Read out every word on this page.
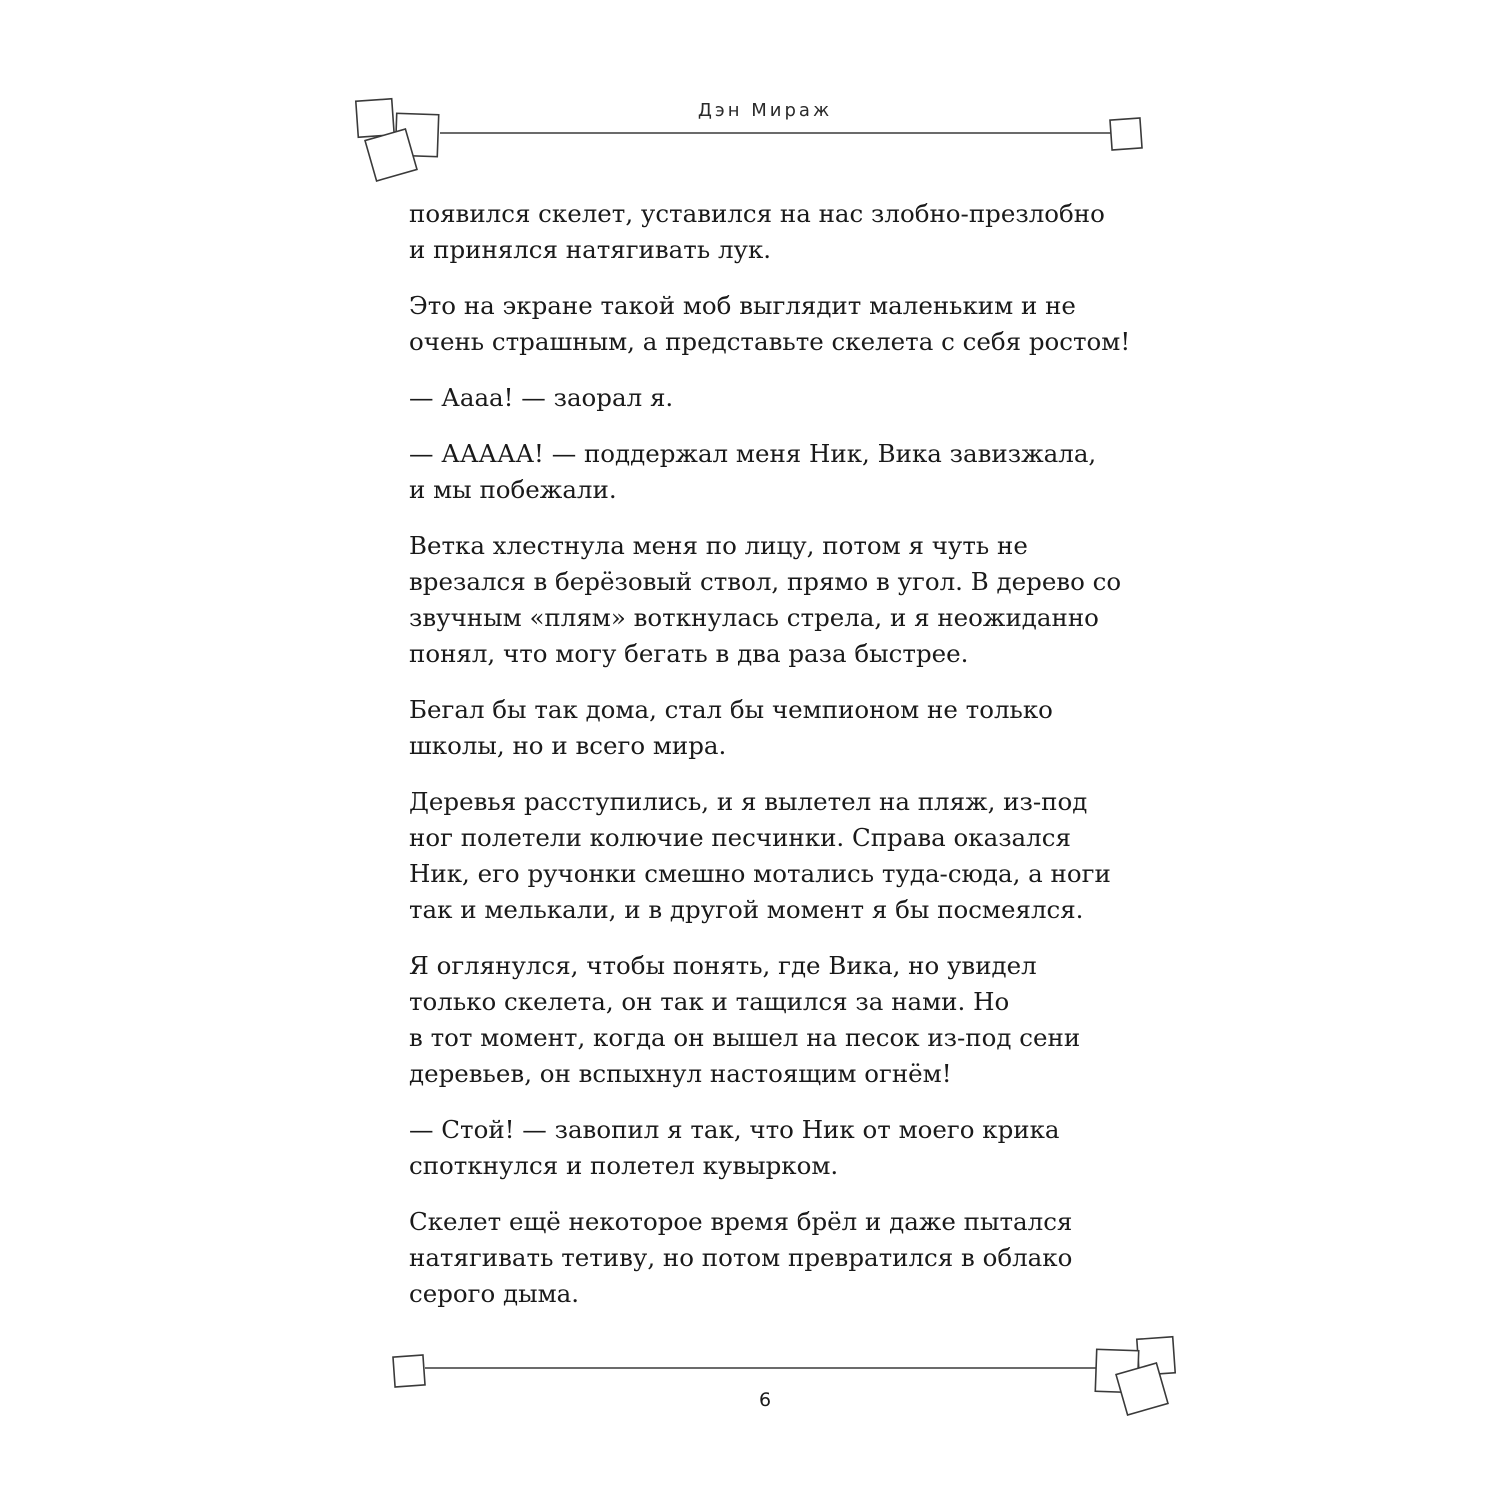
Дэн Мираж

появился скелет, уставился на нас злобно-презлобно
и принялся натягивать лук.

Это на экране такой моб выглядит маленьким и не
очень страшным, а представьте скелета с себя ростом!

— Аааа! — заорал я.

— ААААА! — поддержал меня Ник, Вика завизжала,
и мы побежали.

Ветка хлестнула меня по лицу, потом я чуть не
врезался в берёзовый ствол, прямо в угол. В дерево со
звучным «плям» воткнулась стрела, и я неожиданно
понял, что могу бегать в два раза быстрее.

Бегал бы так дома, стал бы чемпионом не только
школы, но и всего мира.

Деревья расступились, и я вылетел на пляж, из-под
ног полетели колючие песчинки. Справа оказался
Ник, его ручонки смешно мотались туда-сюда, а ноги
так и мелькали, и в другой момент я бы посмеялся.

Я оглянулся, чтобы понять, где Вика, но увидел
только скелета, он так и тащился за нами. Но
в тот момент, когда он вышел на песок из-под сени
деревьев, он вспыхнул настоящим огнём!

— Стой! — завопил я так, что Ник от моего крика
споткнулся и полетел кувырком.

Скелет ещё некоторое время брёл и даже пытался
натягивать тетиву, но потом превратился в облако
серого дыма.

6
